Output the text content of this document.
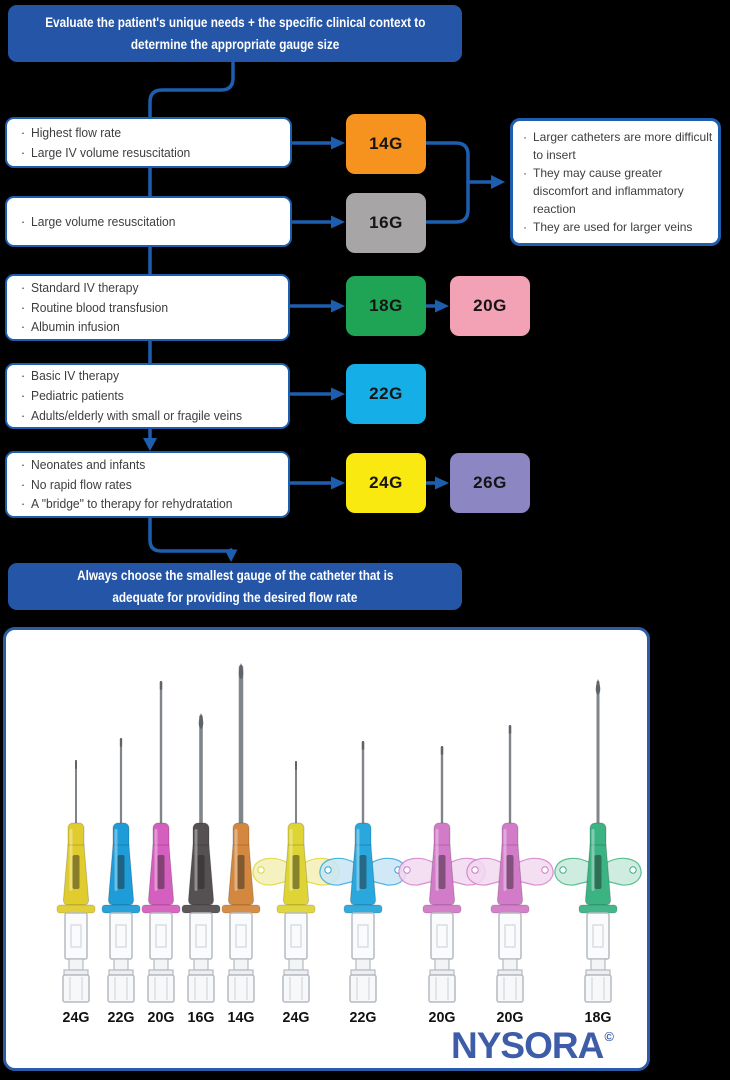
Evaluate the patient's unique needs + the specific clinical context to
determine the appropriate gauge size
· Highest flow rate
· Large IV volume resuscitation
· Large volume resuscitation
· Standard IV therapy
· Routine blood transfusion
· Albumin infusion
· Basic IV therapy
· Pediatric patients
· Adults/elderly with small or fragile veins
· Neonates and infants
· No rapid flow rates
· A "bridge" to therapy for rehydratation
14G
16G
18G	20G
22G
24G	26G
· Larger catheters are more difficult to insert
· They may cause greater discomfort and inflammatory reaction
· They are used for larger veins
Always choose the smallest gauge of the catheter that is
adequate for providing the desired flow rate
24G	22G 20G 16G 14G	24G	22G	20G	20G	18G
NYSORA©
